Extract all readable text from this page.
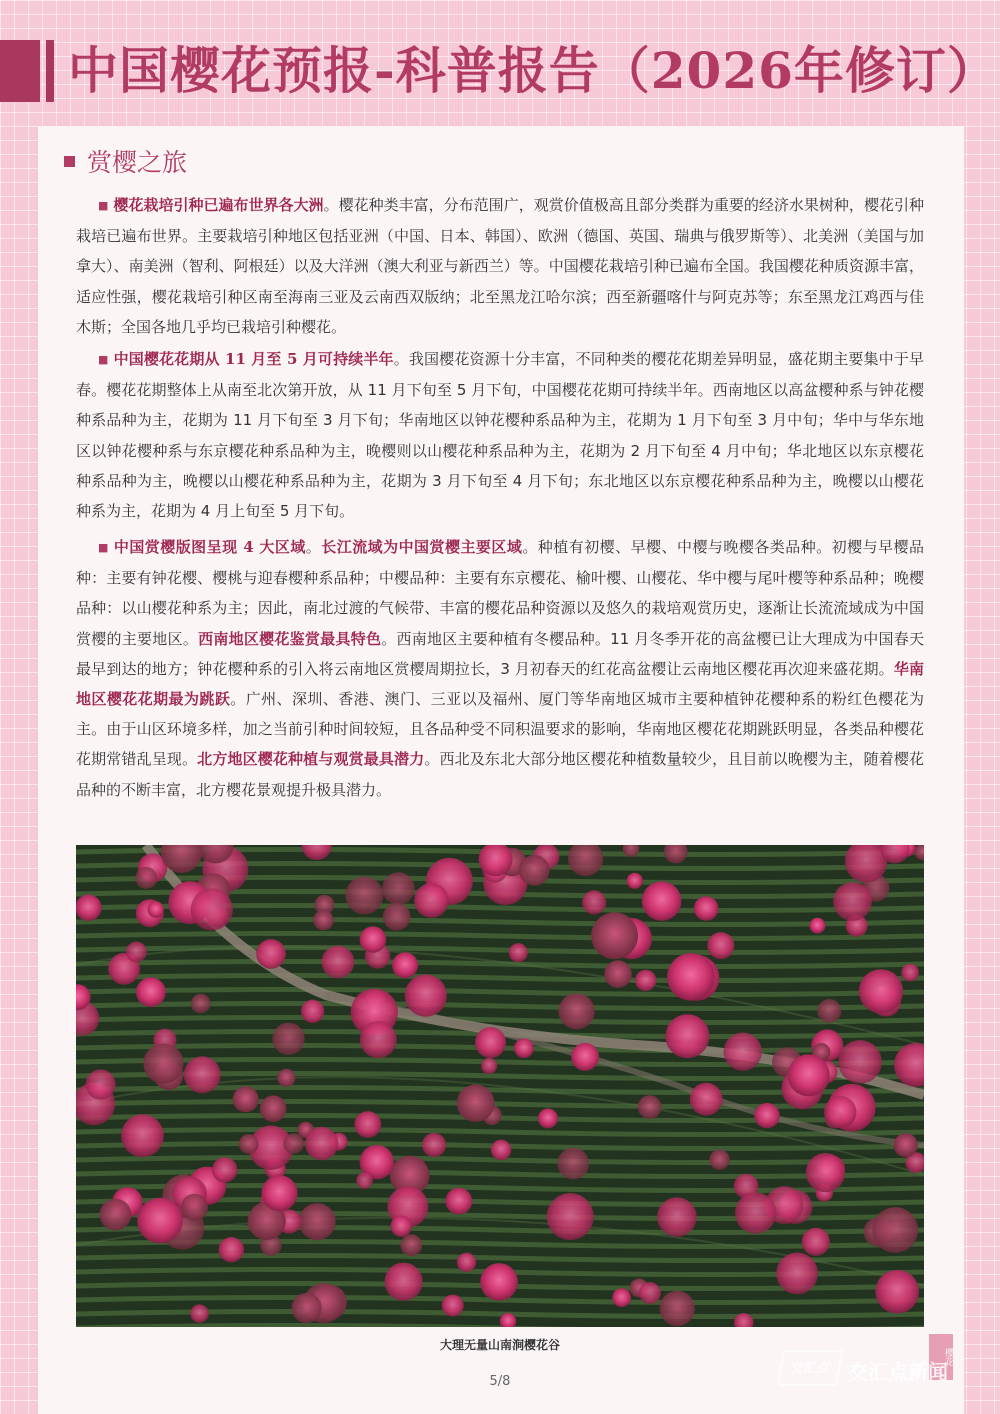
中国樱花预报-科普报告（2026年修订）
赏樱之旅

■ 樱花栽培引种已遍布世界各大洲。樱花种类丰富，分布范围广，观赏价值极高且部分类群为重要的经济水果树种，樱花引种栽培已遍布世界。主要栽培引种地区包括亚洲（中国、日本、韩国）、欧洲（德国、英国、瑞典与俄罗斯等）、北美洲（美国与加拿大）、南美洲（智利、阿根廷）以及大洋洲（澳大利亚与新西兰）等。中国樱花栽培引种已遍布全国。我国樱花种质资源丰富，适应性强，樱花栽培引种区南至海南三亚及云南西双版纳；北至黑龙江哈尔滨；西至新疆喀什与阿克苏等；东至黑龙江鸡西与佳木斯；全国各地几乎均已栽培引种樱花。

■ 中国樱花花期从 11 月至 5 月可持续半年。我国樱花资源十分丰富，不同种类的樱花花期差异明显，盛花期主要集中于早春。樱花花期整体上从南至北次第开放，从 11 月下旬至 5 月下旬，中国樱花花期可持续半年。西南地区以高盆樱种系与钟花樱种系品种为主，花期为 11 月下旬至 3 月下旬；华南地区以钟花樱种系品种为主，花期为 1 月下旬至 3 月中旬；华中与华东地区以钟花樱种系与东京樱花种系品种为主，晚樱则以山樱花种系品种为主，花期为 2 月下旬至 4 月中旬；华北地区以东京樱花种系品种为主，晚樱以山樱花种系品种为主，花期为 3 月下旬至 4 月下旬；东北地区以东京樱花种系品种为主，晚樱以山樱花种系为主，花期为 4 月上旬至 5 月下旬。

■ 中国赏樱版图呈现 4 大区域。长江流域为中国赏樱主要区域。种植有初樱、早樱、中樱与晚樱各类品种。初樱与早樱品种：主要有钟花樱、樱桃与迎春樱种系品种；中樱品种：主要有东京樱花、榆叶樱、山樱花、华中樱与尾叶樱等种系品种；晚樱品种：以山樱花种系为主；因此，南北过渡的气候带、丰富的樱花品种资源以及悠久的栽培观赏历史，逐渐让长流流域成为中国赏樱的主要地区。西南地区樱花鉴赏最具特色。西南地区主要种植有冬樱品种。11 月冬季开花的高盆樱已让大理成为中国春天最早到达的地方；钟花樱种系的引入将云南地区赏樱周期拉长，3 月初春天的红花高盆樱让云南地区樱花再次迎来盛花期。华南地区樱花花期最为跳跃。广州、深圳、香港、澳门、三亚以及福州、厦门等华南地区城市主要种植钟花樱种系的粉红色樱花为主。由于山区环境多样，加之当前引种时间较短，且各品种受不同积温要求的影响，华南地区樱花花期跳跃明显，各类品种樱花花期常错乱呈现。北方地区樱花种植与观赏最具潜力。西北及东北大部分地区樱花种植数量较少，且目前以晚樱为主，随着樱花品种的不断丰富，北方樱花景观提升极具潜力。

大理无量山南涧樱花谷

5/8

樱花
交汇点 交汇点新闻
